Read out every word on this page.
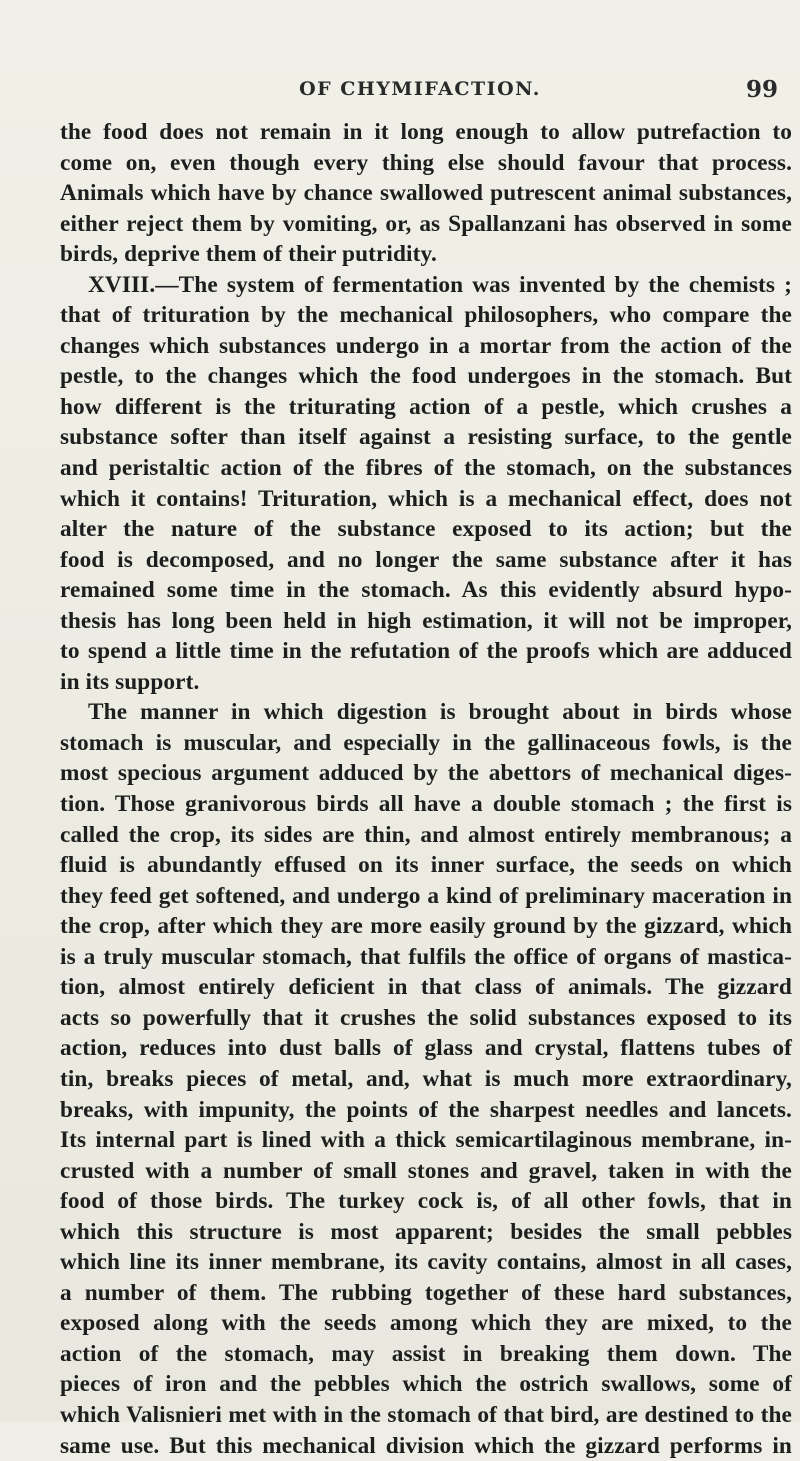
OF CHYMIFACTION.	99
the food does not remain in it long enough to allow putrefaction to
come on, even though every thing else should favour that process.
Animals which have by chance swallowed putrescent animal substances,
either reject them by vomiting, or, as Spallanzani has observed in some
birds, deprive them of their putridity.
XVIII.—The system of fermentation was invented by the chemists ;
that of trituration by the mechanical philosophers, who compare the
changes which substances undergo in a mortar from the action of the
pestle, to the changes which the food undergoes in the stomach. But
how different is the triturating action of a pestle, which crushes a
substance softer than itself against a resisting surface, to the gentle
and peristaltic action of the fibres of the stomach, on the substances
which it contains! Trituration, which is a mechanical effect, does not
alter the nature of the substance exposed to its action; but the
food is decomposed, and no longer the same substance after it has
remained some time in the stomach. As this evidently absurd hypo-
thesis has long been held in high estimation, it will not be improper,
to spend a little time in the refutation of the proofs which are adduced
in its support.
The manner in which digestion is brought about in birds whose
stomach is muscular, and especially in the gallinaceous fowls, is the
most specious argument adduced by the abettors of mechanical diges-
tion. Those granivorous birds all have a double stomach ; the first is
called the crop, its sides are thin, and almost entirely membranous; a
fluid is abundantly effused on its inner surface, the seeds on which
they feed get softened, and undergo a kind of preliminary maceration in
the crop, after which they are more easily ground by the gizzard, which
is a truly muscular stomach, that fulfils the office of organs of mastica-
tion, almost entirely deficient in that class of animals. The gizzard
acts so powerfully that it crushes the solid substances exposed to its
action, reduces into dust balls of glass and crystal, flattens tubes of
tin, breaks pieces of metal, and, what is much more extraordinary,
breaks, with impunity, the points of the sharpest needles and lancets.
Its internal part is lined with a thick semicartilaginous membrane, in-
crusted with a number of small stones and gravel, taken in with the
food of those birds. The turkey cock is, of all other fowls, that in
which this structure is most apparent; besides the small pebbles
which line its inner membrane, its cavity contains, almost in all cases,
a number of them. The rubbing together of these hard substances,
exposed along with the seeds among which they are mixed, to the
action of the stomach, may assist in breaking them down. The
pieces of iron and the pebbles which the ostrich swallows, some of
which Valisnieri met with in the stomach of that bird, are destined to the
same use. But this mechanical division which the gizzard performs in
